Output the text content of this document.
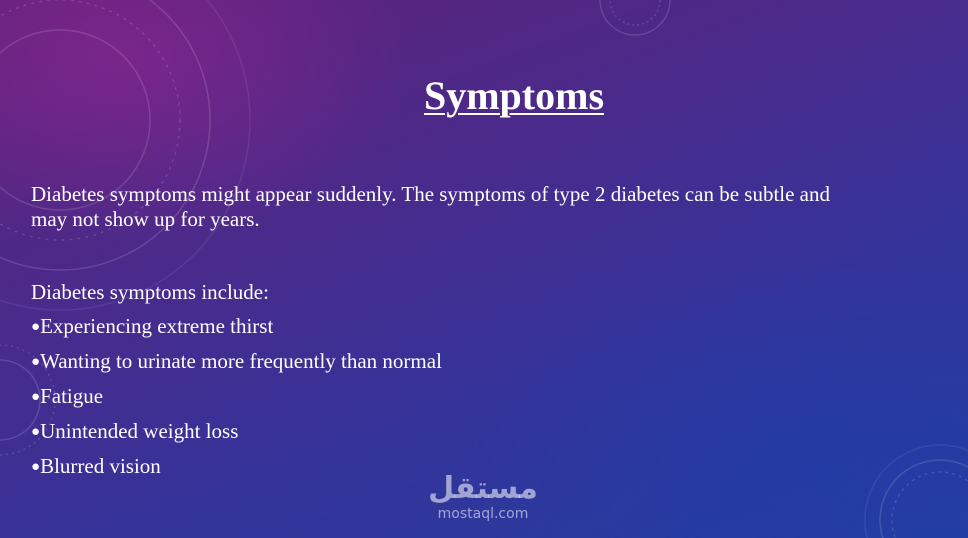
Symptoms

Diabetes symptoms might appear suddenly. The symptoms of type 2 diabetes can be subtle and
may not show up for years.

Diabetes symptoms include:

●Experiencing extreme thirst
●Wanting to urinate more frequently than normal
●Fatigue
●Unintended weight loss
●Blurred vision
مستقل
mostaql.com
